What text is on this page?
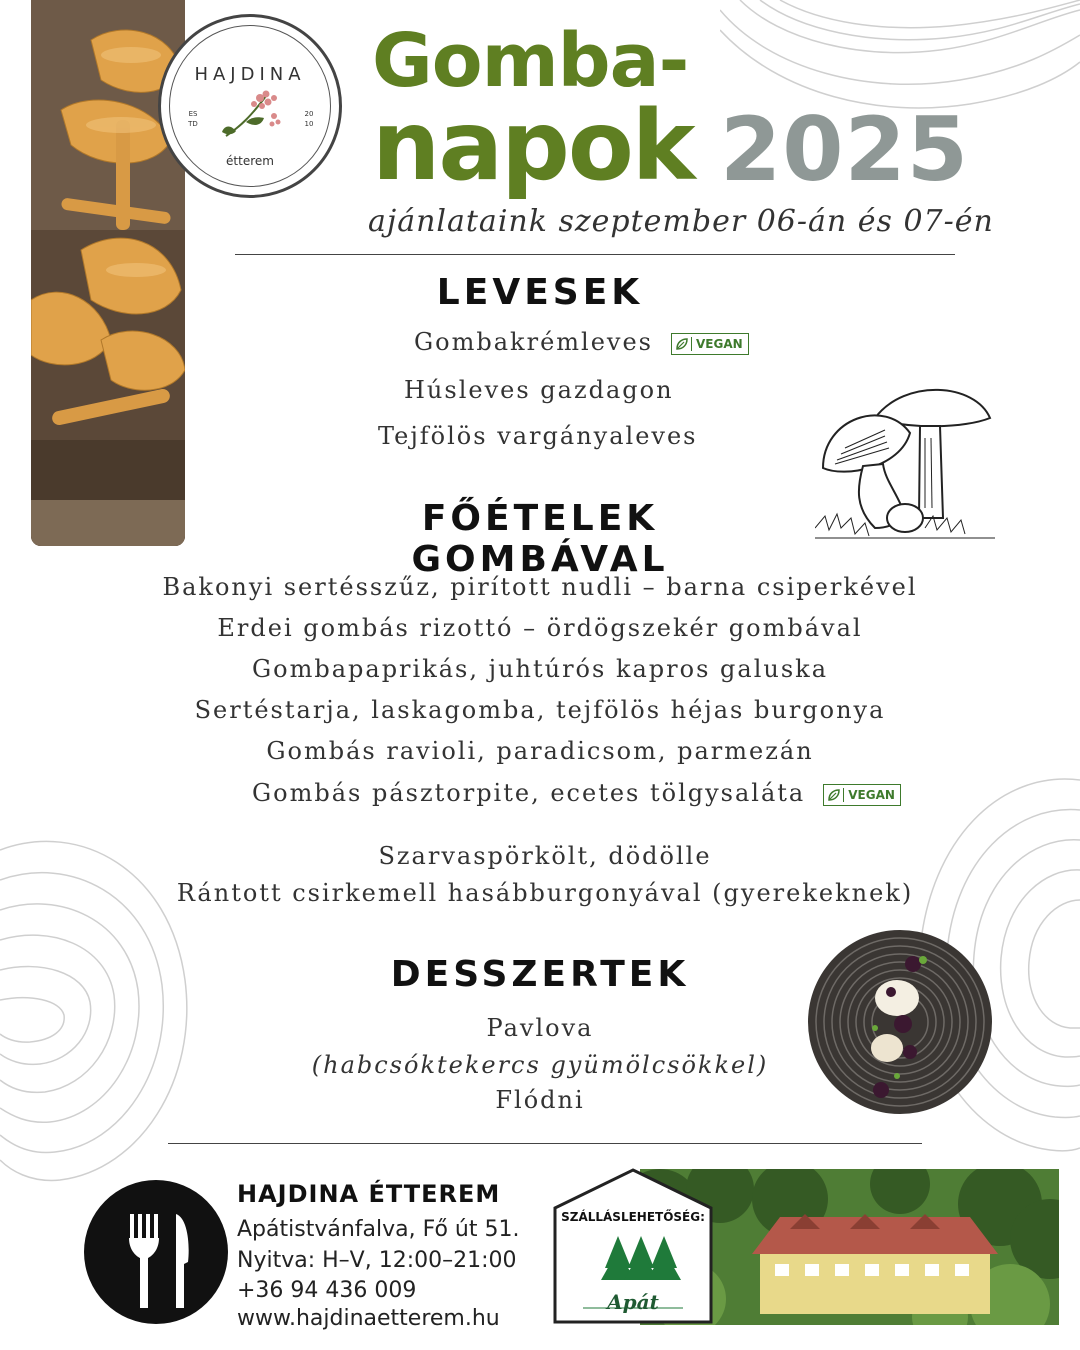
HAJDINA
ES
TD
20
10
étterem
Gomba-
napok 2025
ajánlataink szeptember 06-án és 07-én
LEVESEK
Gombakrémleves	VEGAN
Húsleves gazdagon
Tejfölös vargányaleves
FŐÉTELEK GOMBÁVAL
Bakonyi sertésszűz, pirított nudli – barna csiperkével
Erdei gombás rizottó – ördögszekér gombával
Gombapaprikás, juhtúrós kapros galuska
Sertéstarja, laskagomba, tejfölös héjas burgonya
Gombás ravioli, paradicsom, parmezán
Gombás pásztorpite, ecetes tölgysaláta	VEGAN
Szarvaspörkölt, dödölle
Rántott csirkemell hasábburgonyával (gyerekeknek)
DESSZERTEK
Pavlova
(habcsóktekercs gyümölcsökkel)
Flódni
HAJDINA ÉTTEREM
Apátistvánfalva, Fő út 51.
Nyitva: H–V, 12:00–21:00
+36 94 436 009
www.hajdinaetterem.hu
SZÁLLÁSLEHETŐSÉG:
Apát
